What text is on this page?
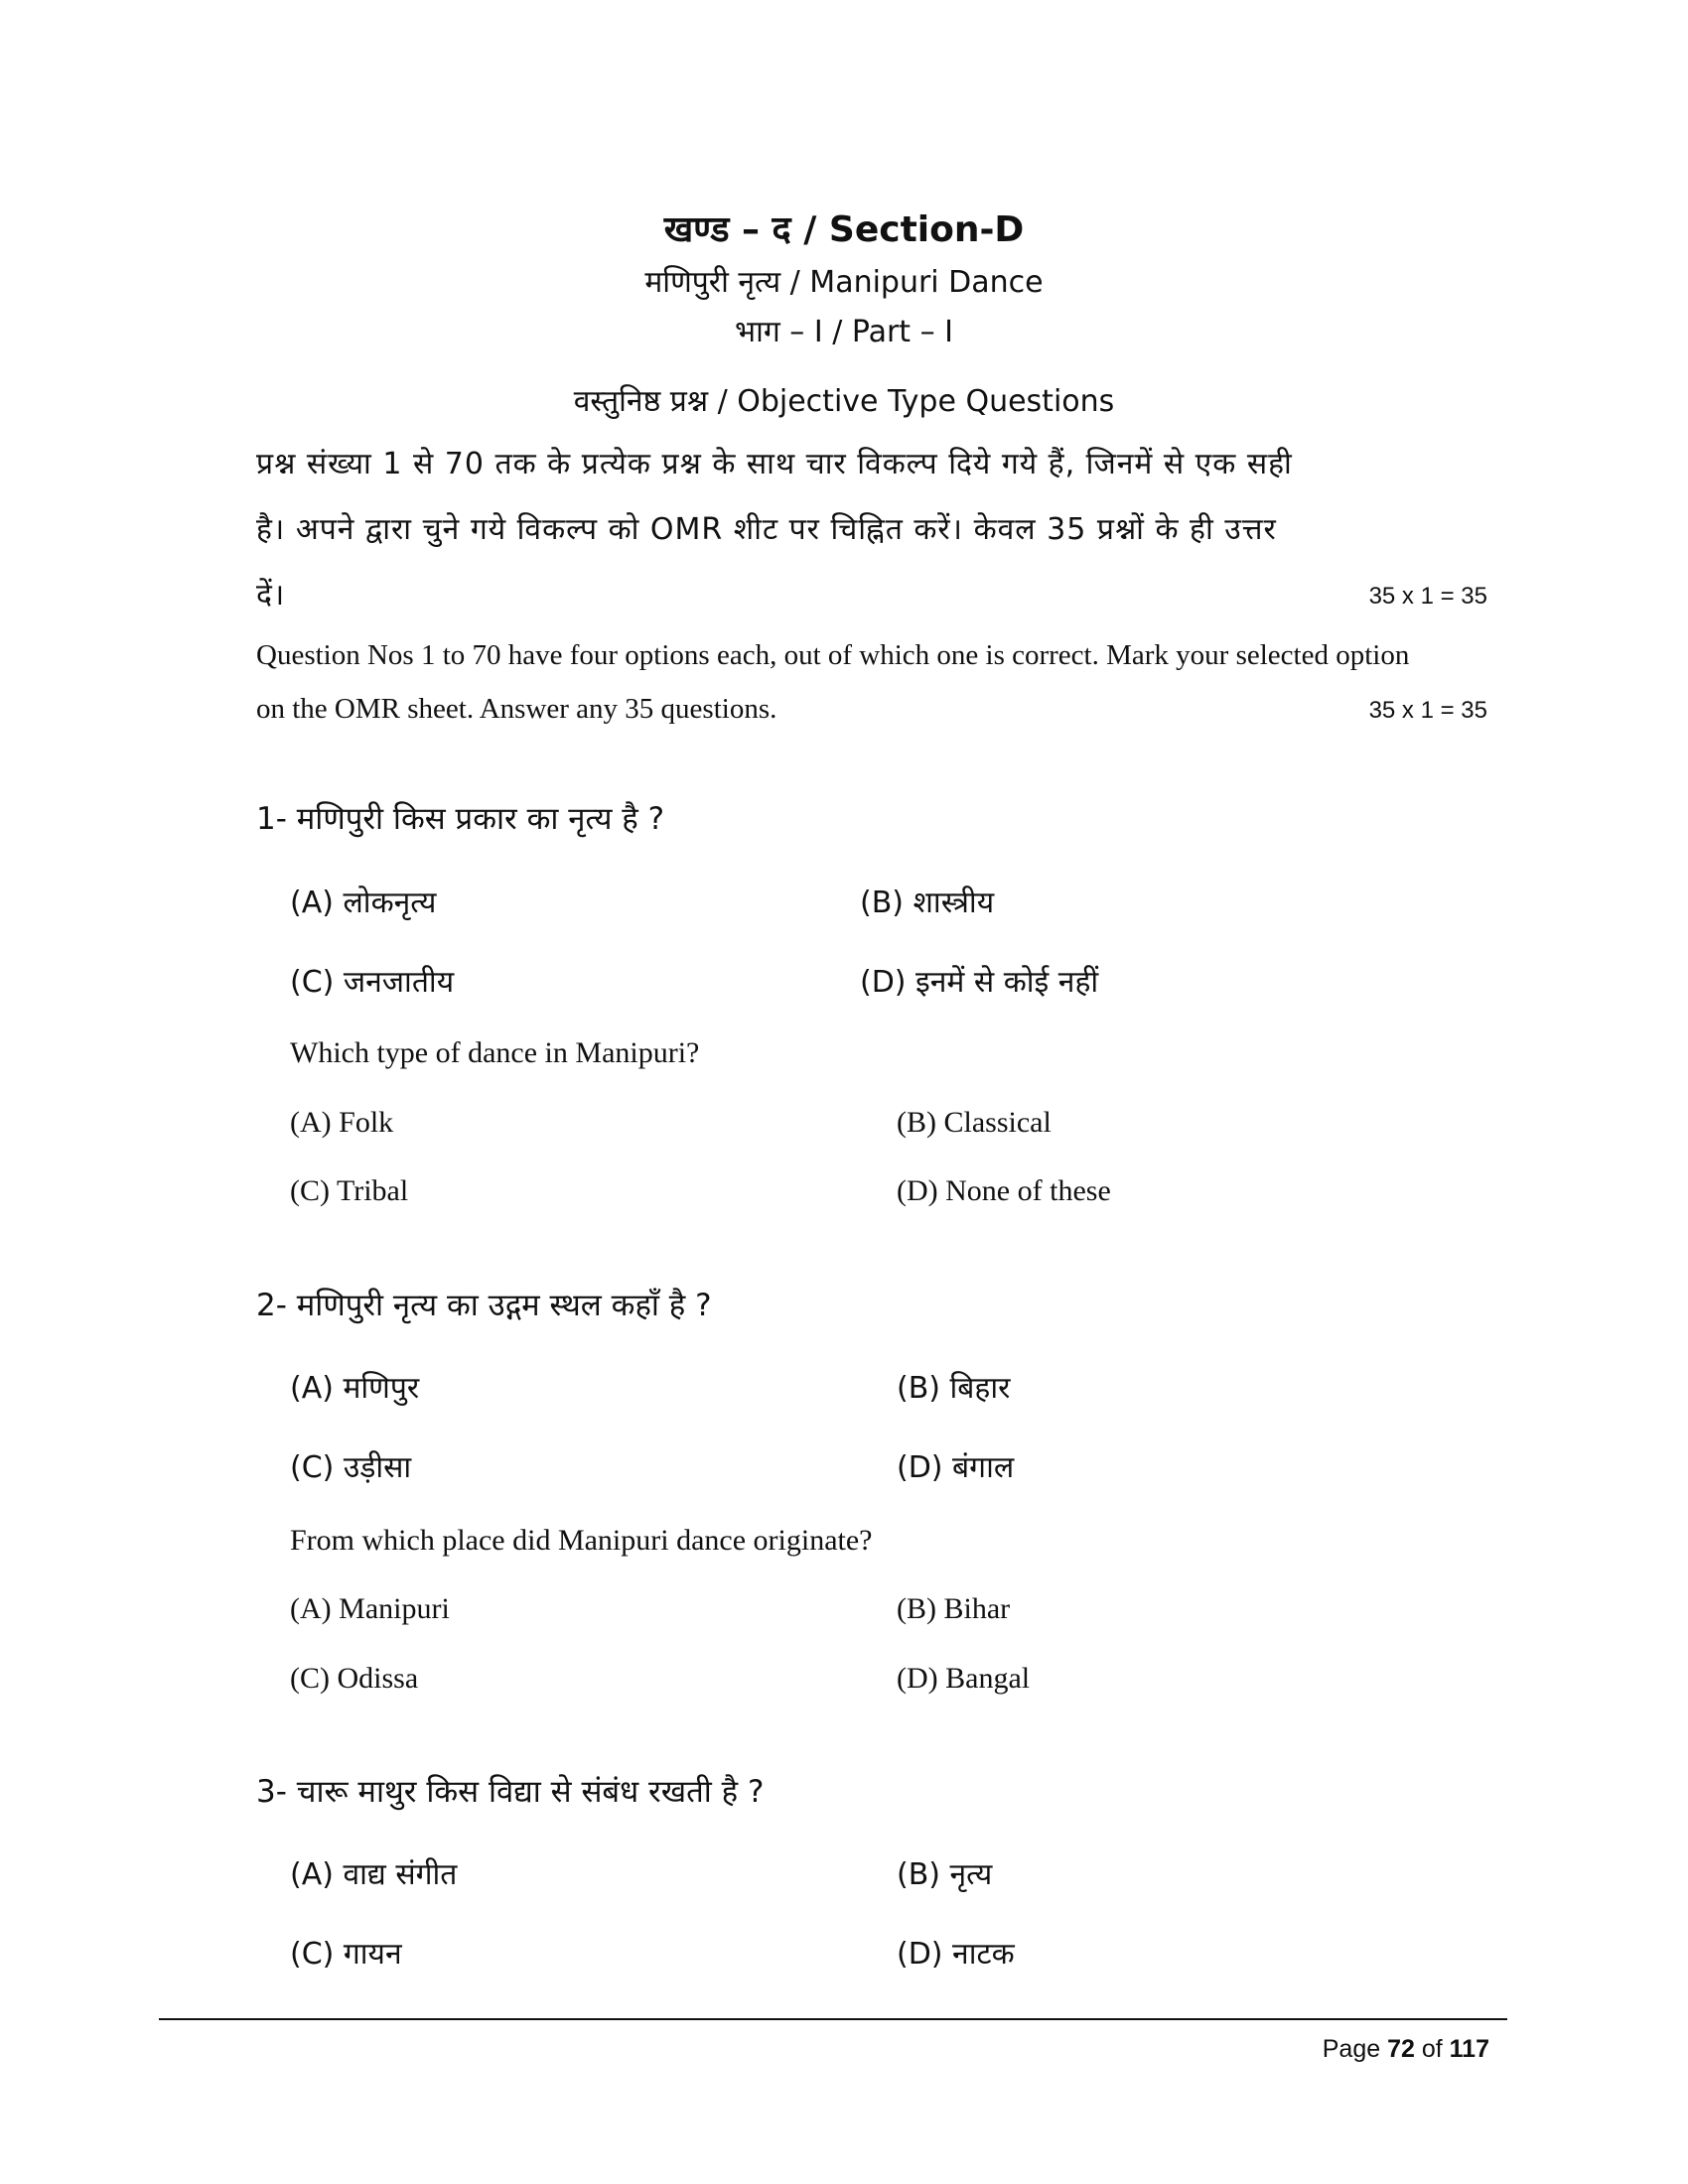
खण्ड – द / Section-D
मणिपुरी नृत्य / Manipuri Dance
भाग – I / Part – I
वस्तुनिष्ठ प्रश्न / Objective Type Questions
प्रश्न संख्या 1 से 70 तक के प्रत्येक प्रश्न के साथ चार विकल्प दिये गये हैं, जिनमें से एक सही
है। अपने द्वारा चुने गये विकल्प को OMR शीट पर चिह्नित करें। केवल 35 प्रश्नों के ही उत्तर
दें।	35 x 1 = 35
Question Nos 1 to 70 have four options each, out of which one is correct. Mark your selected option
on the OMR sheet. Answer any 35 questions.	35 x 1 = 35
1- मणिपुरी किस प्रकार का नृत्य है ?
(A) लोकनृत्य	(B) शास्त्रीय
(C) जनजातीय	(D) इनमें से कोई नहीं
Which type of dance in Manipuri?
(A) Folk	(B) Classical
(C) Tribal	(D) None of these
2- मणिपुरी नृत्य का उद्गम स्थल कहाँ है ?
(A) मणिपुर	(B) बिहार
(C) उड़ीसा	(D) बंगाल
From which place did Manipuri dance originate?
(A) Manipuri	(B) Bihar
(C) Odissa	(D) Bangal
3- चारू माथुर किस विद्या से संबंध रखती है ?
(A) वाद्य संगीत	(B) नृत्य
(C) गायन	(D) नाटक
Page 72 of 117
